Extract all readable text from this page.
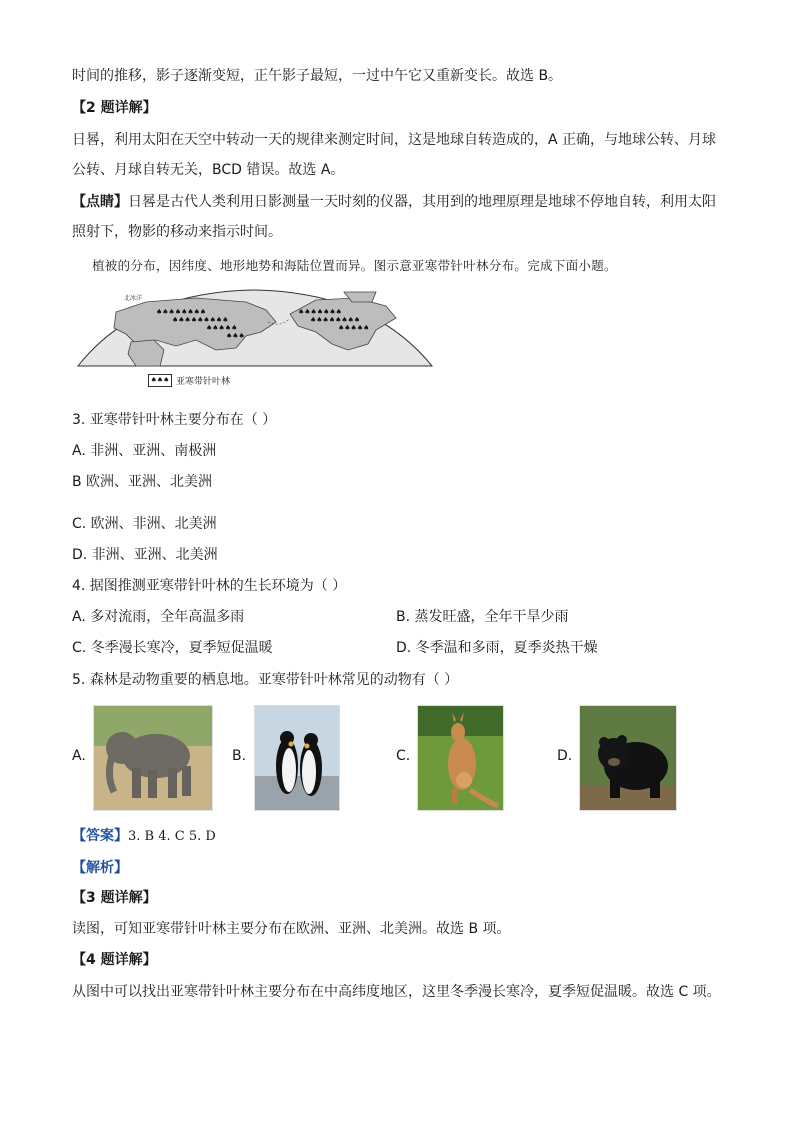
时间的推移，影子逐渐变短，正午影子最短，一过中午它又重新变长。故选 B。
【2 题详解】
日晷，利用太阳在天空中转动一天的规律来测定时间，这是地球自转造成的，A 正确，与地球公转、月球
公转、月球自转无关，BCD 错误。故选 A。
【点睛】日晷是古代人类利用日影测量一天时刻的仪器，其用到的地理原理是地球不停地自转，利用太阳
照射下，物影的移动来指示时间。
植被的分布，因纬度、地形地势和海陆位置而异。图示意亚寒带针叶林分布。完成下面小题。
♠♠♠♠♠♠♠♠
♠♠♠♠♠♠♠♠♠
♠♠♠♠♠
♠♠♠
♠♠♠♠♠♠♠
♠♠♠♠♠♠♠♠
♠♠♠♠♠
北冰洋
♠♠♠ 亚寒带针叶林
3. 亚寒带针叶林主要分布在（ ）
A. 非洲、亚洲、南极洲
B 欧洲、亚洲、北美洲
C. 欧洲、非洲、北美洲
D. 非洲、亚洲、北美洲
4. 据图推测亚寒带针叶林的生长环境为（ ）
A. 多对流雨，全年高温多雨	B. 蒸发旺盛，全年干旱少雨
C. 冬季漫长寒冷，夏季短促温暖	D. 冬季温和多雨，夏季炎热干燥
5. 森林是动物重要的栖息地。亚寒带针叶林常见的动物有（ ）
A.	B.	C.	D.
【答案】3. B 4. C 5. D
【解析】
【3 题详解】
读图，可知亚寒带针叶林主要分布在欧洲、亚洲、北美洲。故选 B 项。
【4 题详解】
从图中可以找出亚寒带针叶林主要分布在中高纬度地区，这里冬季漫长寒冷，夏季短促温暖。故选 C 项。
